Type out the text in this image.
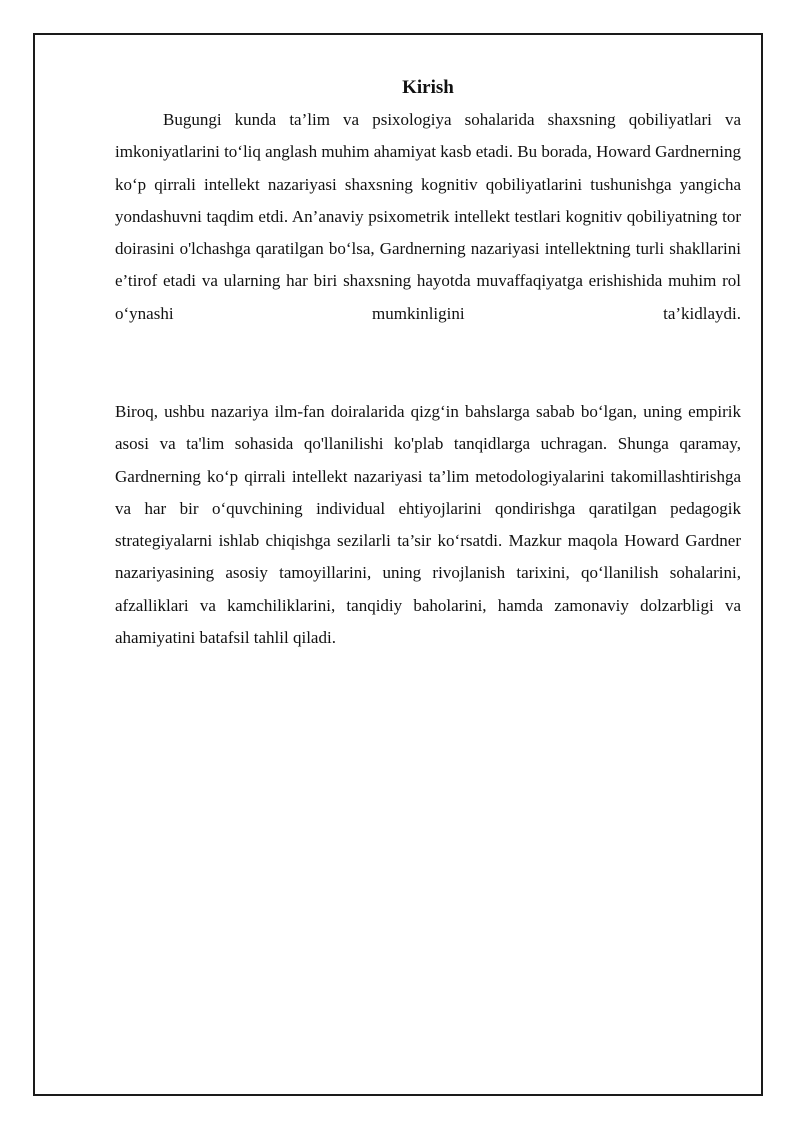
Kirish

Bugungi kunda ta’lim va psixologiya sohalarida shaxsning qobiliyatlari va imkoniyatlarini to‘liq anglash muhim ahamiyat kasb etadi. Bu borada, Howard Gardnerning ko‘p qirrali intellekt nazariyasi shaxsning kognitiv qobiliyatlarini tushunishga yangicha yondashuvni taqdim etdi. An’anaviy psixometrik intellekt testlari kognitiv qobiliyatning tor doirasini o'lchashga qaratilgan bo‘lsa, Gardnerning nazariyasi intellektning turli shakllarini e’tirof etadi va ularning har biri shaxsning hayotda muvaffaqiyatga erishishida muhim rol o‘ynashi mumkinligini ta’kidlaydi.

Biroq, ushbu nazariya ilm-fan doiralarida qizg‘in bahslarga sabab bo‘lgan, uning empirik asosi va ta'lim sohasida qo'llanilishi ko'plab tanqidlarga uchragan. Shunga qaramay, Gardnerning ko‘p qirrali intellekt nazariyasi ta’lim metodologiyalarini takomillashtirishga va har bir o‘quvchining individual ehtiyojlarini qondirishga qaratilgan pedagogik strategiyalarni ishlab chiqishga sezilarli ta’sir ko‘rsatdi. Mazkur maqola Howard Gardner nazariyasining asosiy tamoyillarini, uning rivojlanish tarixini, qo‘llanilish sohalarini, afzalliklari va kamchiliklarini, tanqidiy baholarini, hamda zamonaviy dolzarbligi va ahamiyatini batafsil tahlil qiladi.
